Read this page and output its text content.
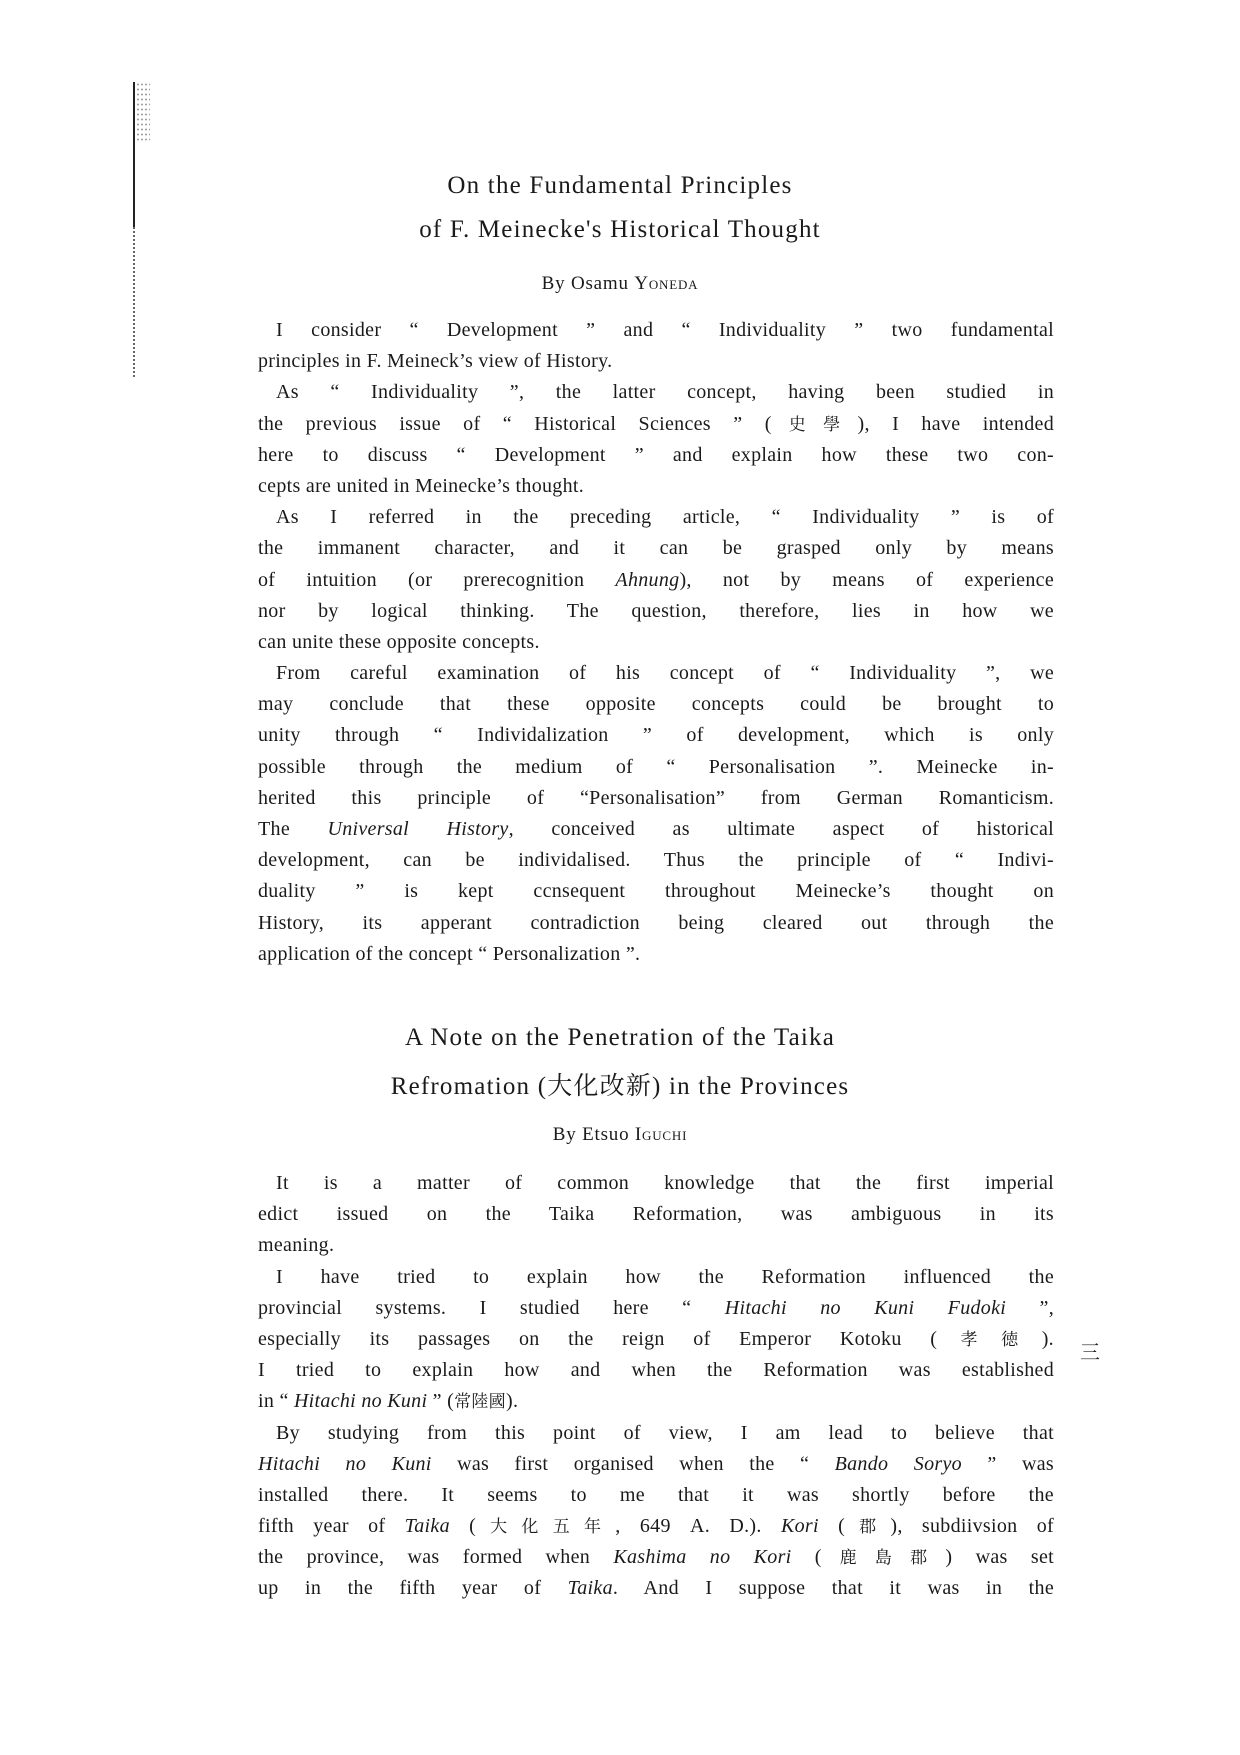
On the Fundamental Principles
of F. Meinecke's Historical Thought
By Osamu Yoneda
I consider “ Development ” and “ Individuality ” two fundamental
principles in F. Meineck’s view of History.
As “ Individuality ”, the latter concept, having been studied in
the previous issue of “ Historical Sciences ” (史學), I have intended
here to discuss “ Development ” and explain how these two con-
cepts are united in Meinecke’s thought.
As I referred in the preceding article, “ Individuality ” is of
the immanent character, and it can be grasped only by means
of intuition (or prerecognition Ahnung), not by means of experience
nor by logical thinking. The question, therefore, lies in how we
can unite these opposite concepts.
From careful examination of his concept of “ Individuality ”, we
may conclude that these opposite concepts could be brought to
unity through “ Individalization ” of development, which is only
possible through the medium of “ Personalisation ”. Meinecke in-
herited this principle of “Personalisation” from German Romanticism.
The Universal History, conceived as ultimate aspect of historical
development, can be individalised. Thus the principle of “ Indivi-
duality ” is kept ccnsequent throughout Meinecke’s thought on
History, its apperant contradiction being cleared out through the
application of the concept “ Personalization ”.
A Note on the Penetration of the Taika
Refromation (大化改新) in the Provinces
By Etsuo Iguchi
It is a matter of common knowledge that the first imperial
edict issued on the Taika Reformation, was ambiguous in its
meaning.
I have tried to explain how the Reformation influenced the
provincial systems. I studied here “ Hitachi no Kuni Fudoki ”,
especially its passages on the reign of Emperor Kotoku (孝徳).
I tried to explain how and when the Reformation was established
in “ Hitachi no Kuni ” (常陸國).
By studying from this point of view, I am lead to believe that
Hitachi no Kuni was first organised when the “ Bando Soryo ” was
installed there. It seems to me that it was shortly before the
fifth year of Taika (大化五年, 649 A. D.). Kori (郡), subdiivsion of
the province, was formed when Kashima no Kori (鹿島郡) was set
up in the fifth year of Taika. And I suppose that it was in the
三
